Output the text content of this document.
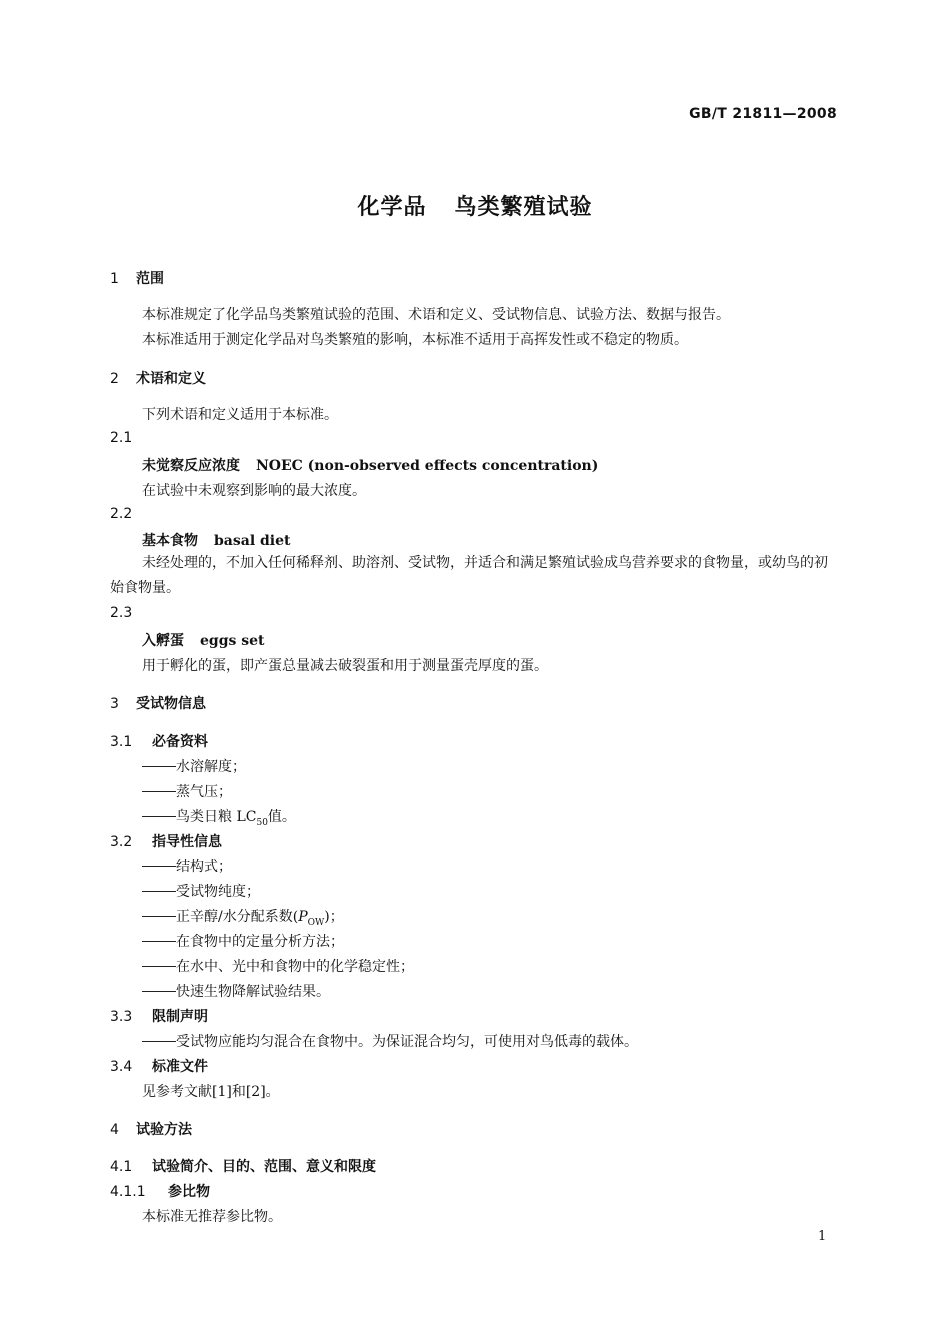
GB/T 21811—2008
化学品 鸟类繁殖试验
1 范围
本标准规定了化学品鸟类繁殖试验的范围、术语和定义、受试物信息、试验方法、数据与报告。
本标准适用于测定化学品对鸟类繁殖的影响，本标准不适用于高挥发性或不稳定的物质。
2 术语和定义
下列术语和定义适用于本标准。
2.1
未觉察反应浓度 NOEC (non-observed effects concentration)
在试验中未观察到影响的最大浓度。
2.2
基本食物 basal diet
未经处理的，不加入任何稀释剂、助溶剂、受试物，并适合和满足繁殖试验成鸟营养要求的食物量，或幼鸟的初始食物量。
2.3
入孵蛋 eggs set
用于孵化的蛋，即产蛋总量减去破裂蛋和用于测量蛋壳厚度的蛋。
3 受试物信息
3.1 必备资料
水溶解度；
蒸气压；
鸟类日粮 $LC_{50}$值。
3.2 指导性信息
结构式；
受试物纯度；
正辛醇/水分配系数$(P_{OW})$；
在食物中的定量分析方法；
在水中、光中和食物中的化学稳定性；
快速生物降解试验结果。
3.3 限制声明
受试物应能均匀混合在食物中。为保证混合均匀，可使用对鸟低毒的载体。
3.4 标准文件
见参考文献[1]和[2]。
4 试验方法
4.1 试验简介、目的、范围、意义和限度
4.1.1 参比物
本标准无推荐参比物。
1
